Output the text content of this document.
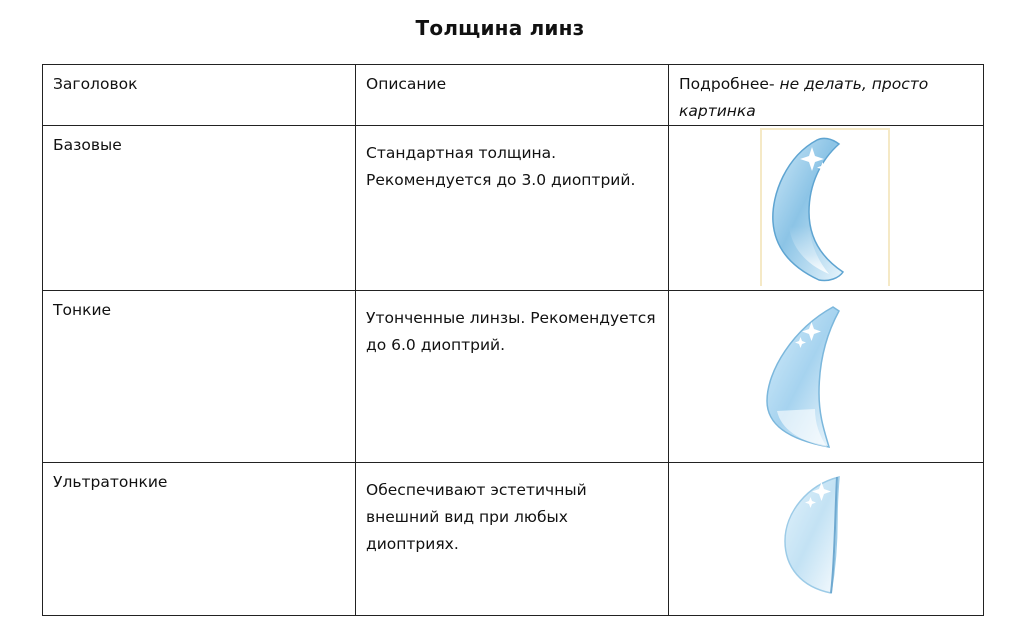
Толщина линз
Заголовок	Описание	Подробнее- не делать, просто картинка
Базовые	Стандартная толщина. Рекомендуется до 3.0 диоптрий.

Тонкие	Утонченные линзы. Рекомендуется до 6.0 диоптрий.

Ультратонкие	Обеспечивают эстетичный внешний вид при любых диоптриях.
